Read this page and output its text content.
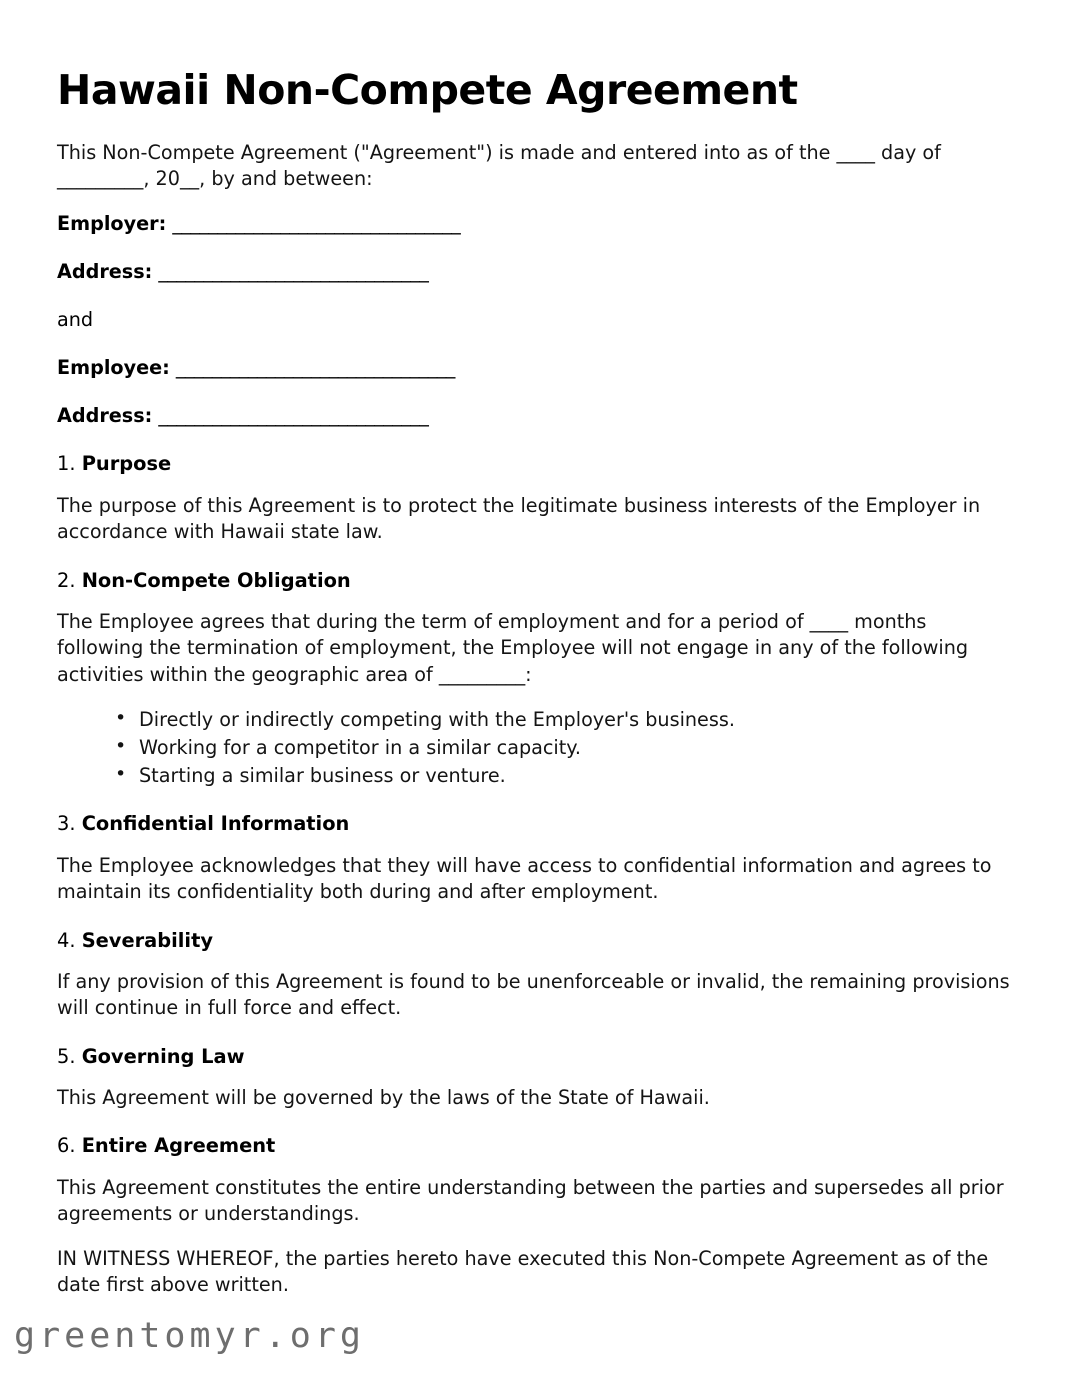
Hawaii Non-Compete Agreement

This Non-Compete Agreement ("Agreement") is made and entered into as of the ____ day of _________, 20__, by and between:

Employer: ________________________________
Address: ______________________________
and
Employee: _______________________________
Address: ______________________________
1. Purpose

The purpose of this Agreement is to protect the legitimate business interests of the Employer in accordance with Hawaii state law.

2. Non-Compete Obligation

The Employee agrees that during the term of employment and for a period of ____ months following the termination of employment, the Employee will not engage in any of the following activities within the geographic area of _________:

• Directly or indirectly competing with the Employer's business.
• Working for a competitor in a similar capacity.
• Starting a similar business or venture.
3. Confidential Information

The Employee acknowledges that they will have access to confidential information and agrees to maintain its confidentiality both during and after employment.

4. Severability

If any provision of this Agreement is found to be unenforceable or invalid, the remaining provisions will continue in full force and effect.

5. Governing Law

This Agreement will be governed by the laws of the State of Hawaii.

6. Entire Agreement

This Agreement constitutes the entire understanding between the parties and supersedes all prior agreements or understandings.

IN WITNESS WHEREOF, the parties hereto have executed this Non-Compete Agreement as of the date first above written.

greentomyr.org
